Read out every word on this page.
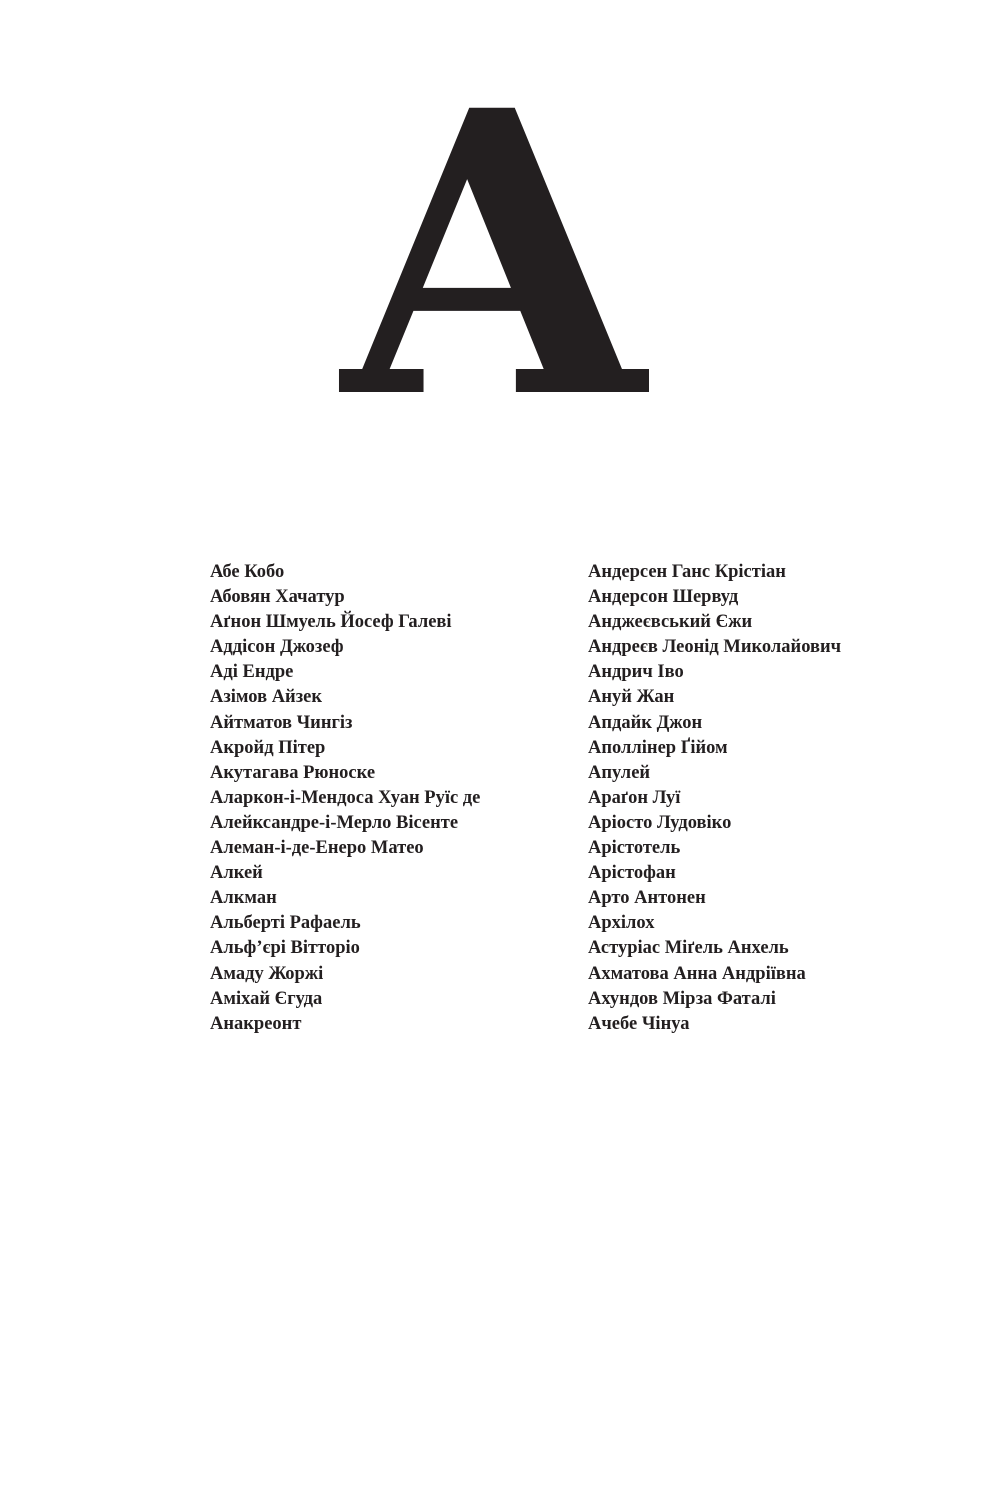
А
Абе Кобо
Абовян Хачатур
Аґнон Шмуель Йосеф Галеві
Аддісон Джозеф
Аді Ендре
Азімов Айзек
Айтматов Чингіз
Акройд Пітер
Акутагава Рюноске
Аларкон-і-Мендоса Хуан Руїс де
Алейксандре-і-Мерло Вісенте
Алеман-і-де-Енеро Матео
Алкей
Алкман
Альберті Рафаель
Альф’єрі Вітторіо
Амаду Жоржі
Аміхай Єгуда
Анакреонт
Андерсен Ганс Крістіан
Андерсон Шервуд
Анджеєвський Єжи
Андреєв Леонід Миколайович
Андрич Іво
Ануй Жан
Апдайк Джон
Аполлінер Ґійом
Апулей
Араґон Луї
Аріосто Лудовіко
Арістотель
Арістофан
Арто Антонен
Архілох
Астуріас Міґель Анхель
Ахматова Анна Андріївна
Ахундов Мірза Фаталі
Ачебе Чінуа
